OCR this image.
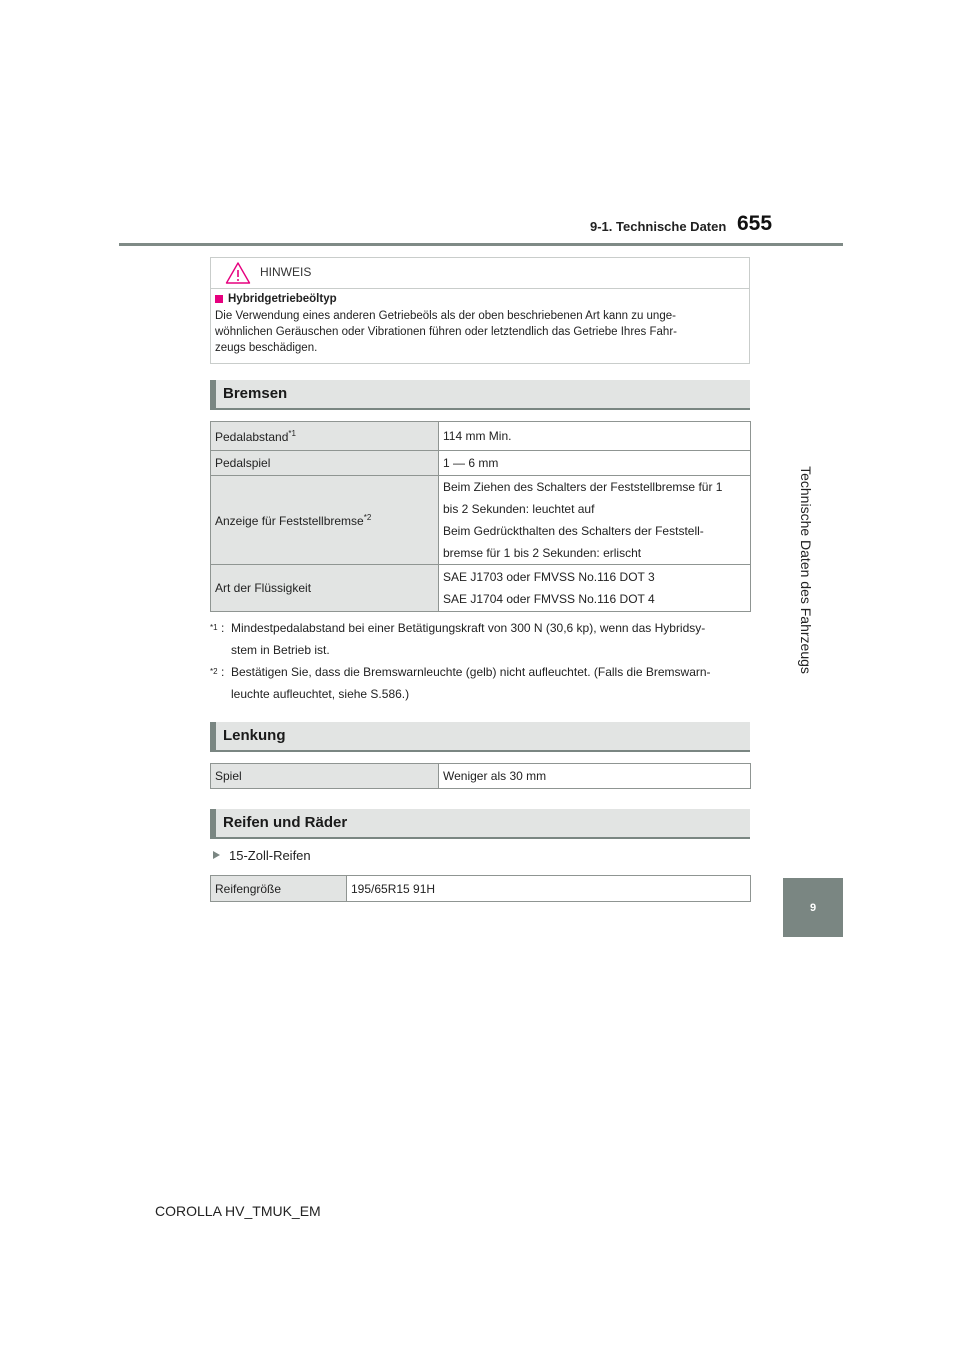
655
9-1. Technische Daten
Technische Daten des Fahrzeugs
9
HINWEIS
Hybridgetriebeöltyp
Die Verwendung eines anderen Getriebeöls als der oben beschriebenen Art kann zu unge-
wöhnlichen Geräuschen oder Vibrationen führen oder letztendlich das Getriebe Ihres Fahr-
zeugs beschädigen.
Bremsen
Pedalabstand$^{*1}$	114 mm Min.
Pedalspiel	1 — 6 mm
Anzeige für Feststellbremse$^{*2}$	Beim Ziehen des Schalters der Feststellbremse für 1
bis 2 Sekunden: leuchtet auf
Beim Gedrückthalten des Schalters der Feststell-
bremse für 1 bis 2 Sekunden: erlischt

Art der Flüssigkeit	SAE J1703 oder FMVSS No.116 DOT 3
SAE J1704 oder FMVSS No.116 DOT 4
*1 : Mindestpedalabstand bei einer Betätigungskraft von 300 N (30,6 kp), wenn das Hybridsy-
stem in Betrieb ist.
*2 : Bestätigen Sie, dass die Bremswarnleuchte (gelb) nicht aufleuchtet. (Falls die Bremswarn-
leuchte aufleuchtet, siehe S.586.)
Lenkung
Spiel	Weniger als 30 mm
Reifen und Räder
15-Zoll-Reifen
Reifengröße	195/65R15 91H
COROLLA HV_TMUK_EM
